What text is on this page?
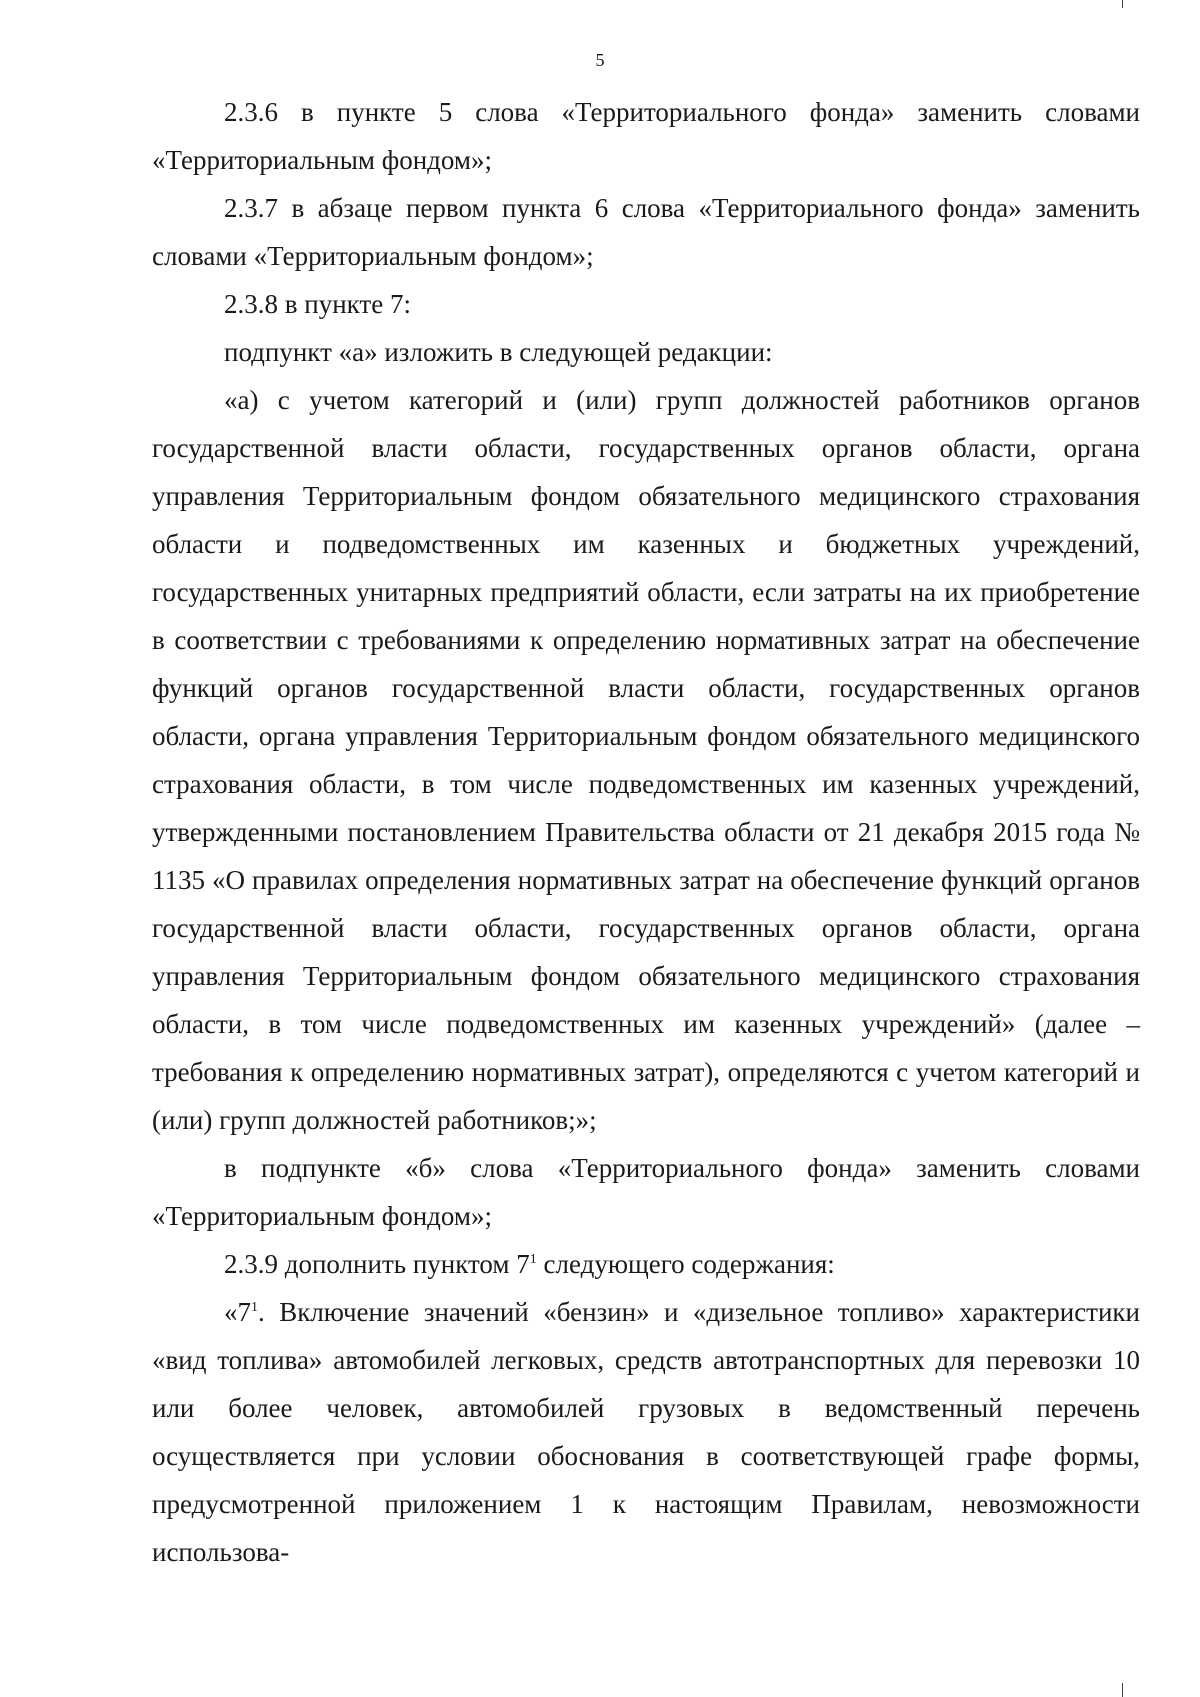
5

2.3.6 в пункте 5 слова «Территориального фонда» заменить словами «Территориальным фондом»;

2.3.7 в абзаце первом пункта 6 слова «Территориального фонда» заменить словами «Территориальным фондом»;

2.3.8 в пункте 7:

подпункт «а» изложить в следующей редакции:

«а) с учетом категорий и (или) групп должностей работников органов государственной власти области, государственных органов области, органа управления Территориальным фондом обязательного медицинского страхования области и подведомственных им казенных и бюджетных учреждений, государственных унитарных предприятий области, если затраты на их приобретение в соответствии с требованиями к определению нормативных затрат на обеспечение функций органов государственной власти области, государственных органов области, органа управления Территориальным фондом обязательного медицинского страхования области, в том числе подведомственных им казенных учреждений, утвержденными постановлением Правительства области от 21 декабря 2015 года № 1135 «О правилах определения нормативных затрат на обеспечение функций органов государственной власти области, государственных органов области, органа управления Территориальным фондом обязательного медицинского страхования области, в том числе подведомственных им казенных учреждений» (далее – требования к определению нормативных затрат), определяются с учетом категорий и (или) групп должностей работников;»;

в подпункте «б» слова «Территориального фонда» заменить словами «Территориальным фондом»;

2.3.9 дополнить пунктом $7^1$ следующего содержания:

«$7^1$. Включение значений «бензин» и «дизельное топливо» характеристики «вид топлива» автомобилей легковых, средств автотранспортных для перевозки 10 или более человек, автомобилей грузовых в ведомственный перечень осуществляется при условии обоснования в соответствующей графе формы, предусмотренной приложением 1 к настоящим Правилам, невозможности использова-
